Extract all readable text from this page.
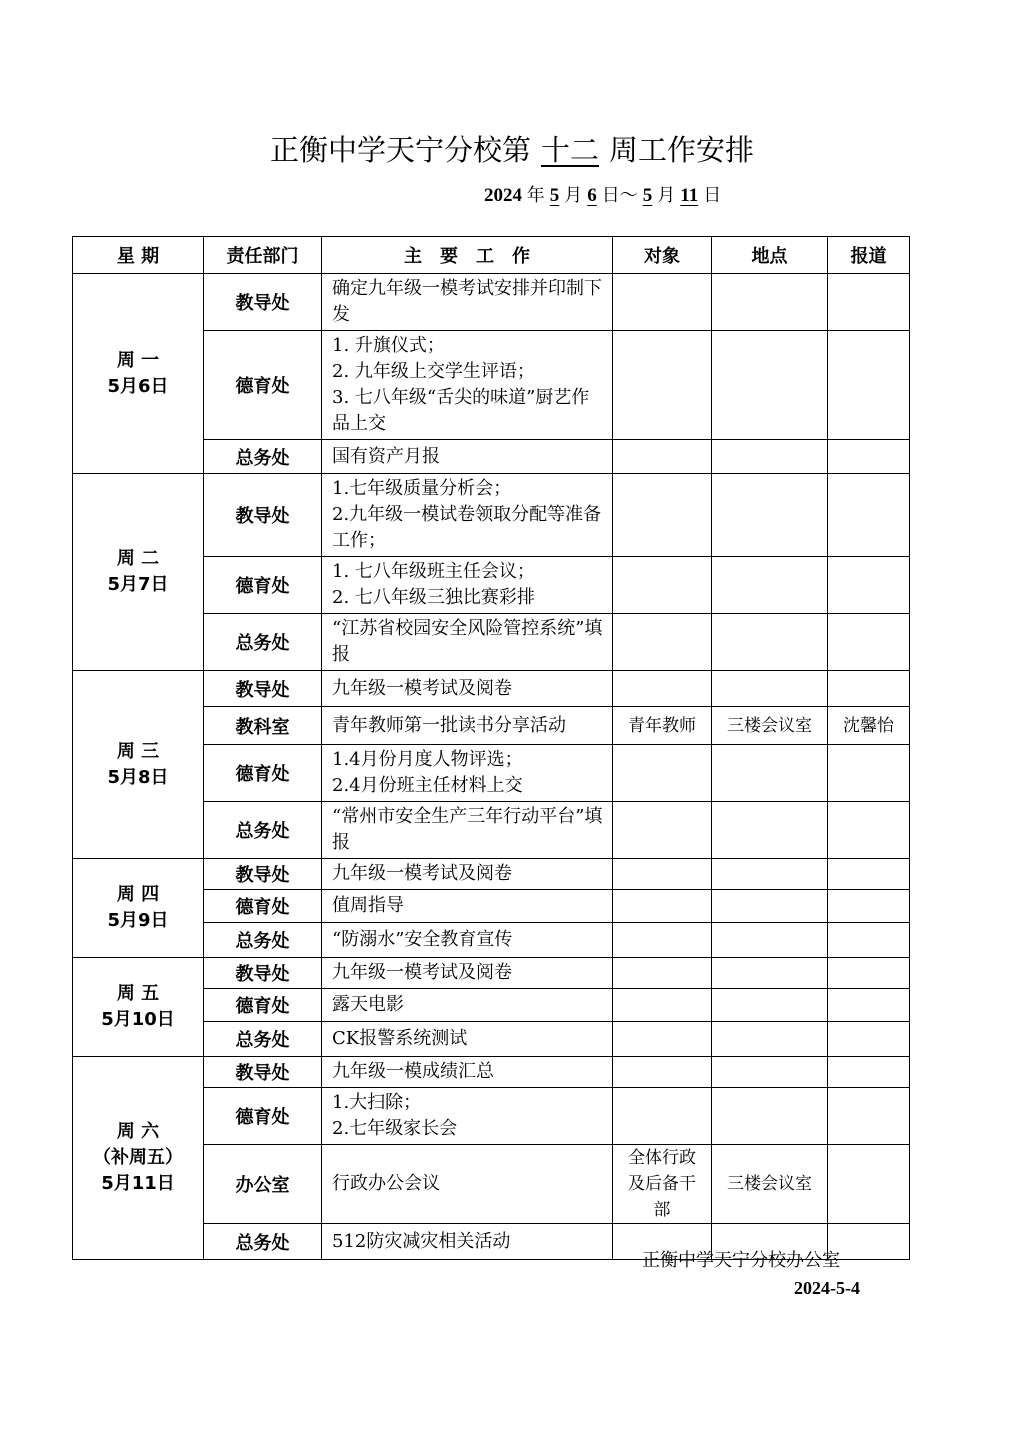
正衡中学天宁分校第 十二 周工作安排
2024 年 5 月 6 日～ 5 月 11 日
星 期	责任部门	主　要　工　作	对象	地点	报道

周 一
5月6日	教导处	确定九年级一模考试安排并印制下发			

	德育处	1. 升旗仪式；
2. 九年级上交学生评语；
3. 七八年级“舌尖的味道”厨艺作品上交			

	总务处	国有资产月报			

周 二
5月7日	教导处	1.七年级质量分析会；
2.九年级一模试卷领取分配等准备工作；			

	德育处	1. 七八年级班主任会议；
2. 七八年级三独比赛彩排			

	总务处	“江苏省校园安全风险管控系统”填报			

周 三
5月8日	教导处	九年级一模考试及阅卷			

	教科室	青年教师第一批读书分享活动	青年教师	三楼会议室	沈馨怡
	德育处	1.4月份月度人物评选；
2.4月份班主任材料上交			

	总务处	“常州市安全生产三年行动平台”填报			

周 四
5月9日	教导处	九年级一模考试及阅卷			

	德育处	值周指导			

	总务处	“防溺水”安全教育宣传			

周 五
5月10日	教导处	九年级一模考试及阅卷			

	德育处	露天电影			

	总务处	CK报警系统测试			

周 六
（补周五）
5月11日	教导处	九年级一模成绩汇总			

	德育处	1.大扫除；
2.七年级家长会			

	办公室	行政办公会议	全体行政
及后备干
部	三楼会议室	
	总务处	512防灾减灾相关活动			

正衡中学天宁分校办公室
2024-5-4
